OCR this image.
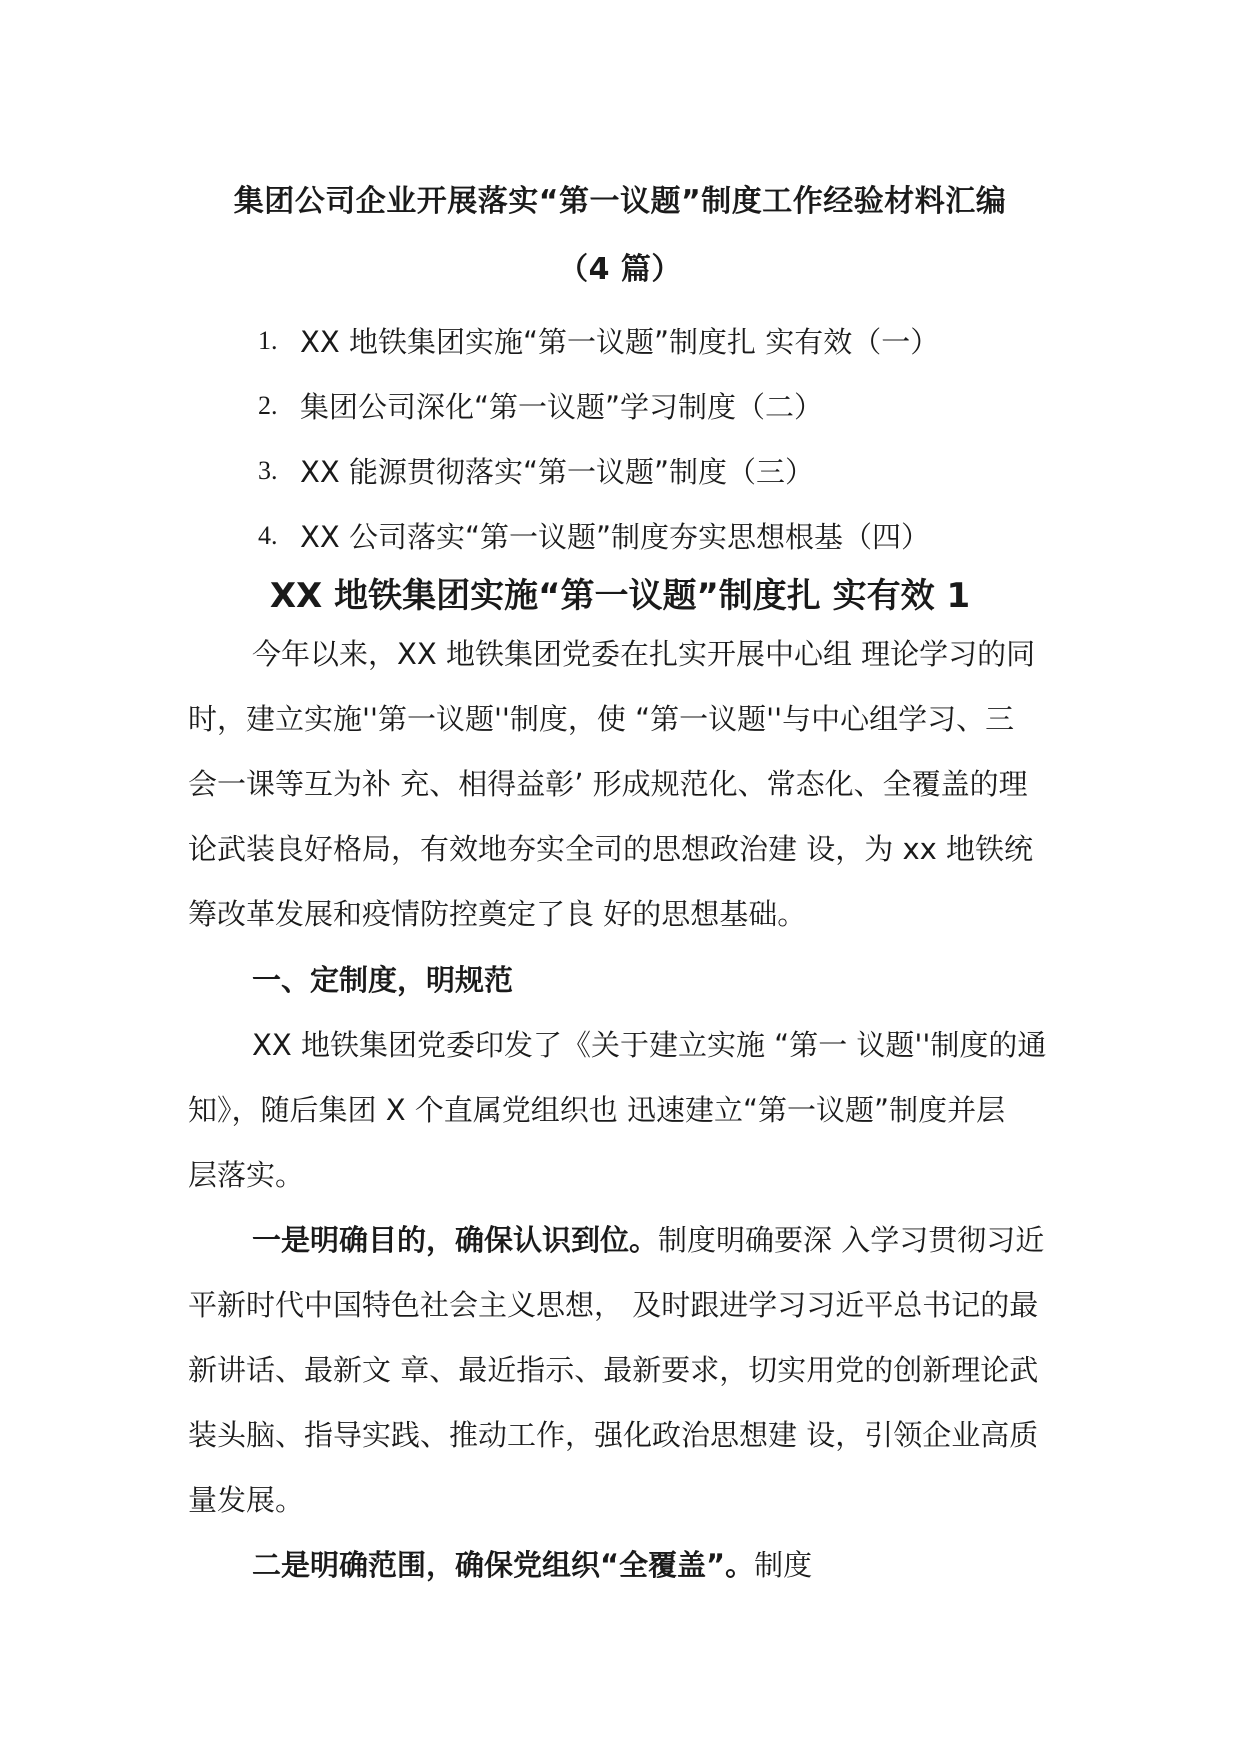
集团公司企业开展落实“第一议题”制度工作经验材料汇编
（4 篇）
1. XX 地铁集团实施“第一议题”制度扎 实有效（一）
2. 集团公司深化“第一议题”学习制度（二）
3. XX 能源贯彻落实“第一议题”制度（三）
4. XX 公司落实“第一议题”制度夯实思想根基（四）
XX 地铁集团实施“第一议题”制度扎 实有效 1

今年以来，XX 地铁集团党委在扎实开展中心组 理论学习的同
时，建立实施''第一议题''制度，使 “第一议题''与中心组学习、三
会一课等互为补 充、相得益彰’ 形成规范化、常态化、全覆盖的理
论武装良好格局，有效地夯实全司的思想政治建 设，为 xx 地铁统
筹改革发展和疫情防控奠定了良 好的思想基础。

一、定制度，明规范

XX 地铁集团党委印发了《关于建立实施 “第一 议题''制度的通
知》，随后集团 X 个直属党组织也 迅速建立“第一议题”制度并层
层落实。

一是明确目的，确保认识到位。制度明确要深 入学习贯彻习近
平新时代中国特色社会主义思想， 及时跟进学习习近平总书记的最
新讲话、最新文 章、最近指示、最新要求，切实用党的创新理论武
装头脑、指导实践、推动工作，强化政治思想建 设，引领企业高质
量发展。

二是明确范围，确保党组织“全覆盖”。制度
